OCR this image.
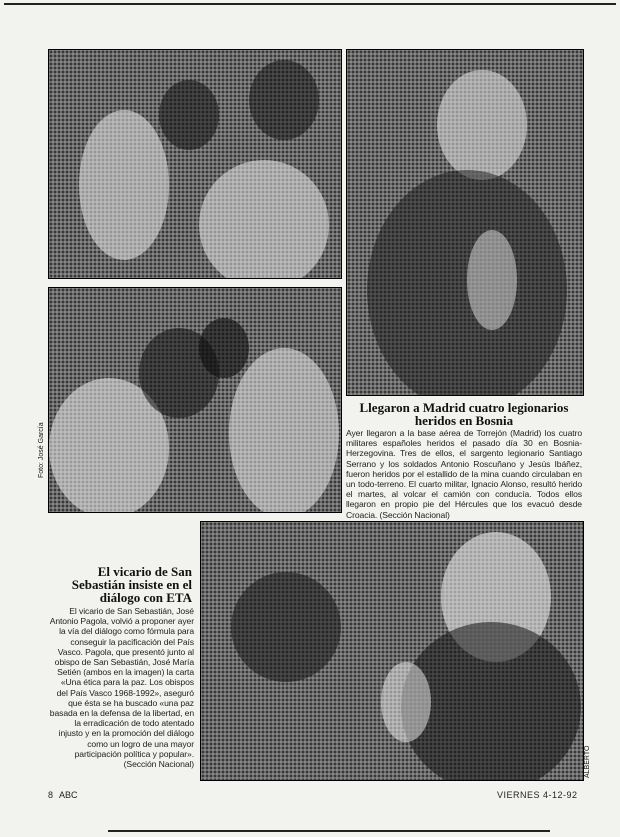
Foto: José García
ALBERTO
Llegaron a Madrid cuatro legionarios heridos en Bosnia
Ayer llegaron a la base aérea de Torrejón (Madrid) los cuatro militares españoles heridos el pasado día 30 en Bosnia-Herzegovina. Tres de ellos, el sargento legionario Santiago Serrano y los soldados Antonio Roscuñano y Jesús Ibáñez, fueron heridos por el estallido de la mina cuando circulaban en un todo-terreno. El cuarto militar, Ignacio Alonso, resultó herido el martes, al volcar el camión con conducía. Todos ellos llegaron en propio pie del Hércules que los evacuó desde Croacia. (Sección Nacional)
El vicario de San Sebastián insiste en el diálogo con ETA
El vicario de San Sebastián, José Antonio Pagola, volvió a proponer ayer la vía del diálogo como fórmula para conseguir la pacificación del País Vasco. Pagola, que presentó junto al obispo de San Sebastián, José María Setién (ambos en la imagen) la carta «Una ética para la paz. Los obispos del País Vasco 1968-1992», aseguró que ésta se ha buscado «una paz basada en la defensa de la libertad, en la erradicación de todo atentado injusto y en la promoción del diálogo como un logro de una mayor participación política y popular». (Sección Nacional)
8 ABC	VIERNES 4-12-92
